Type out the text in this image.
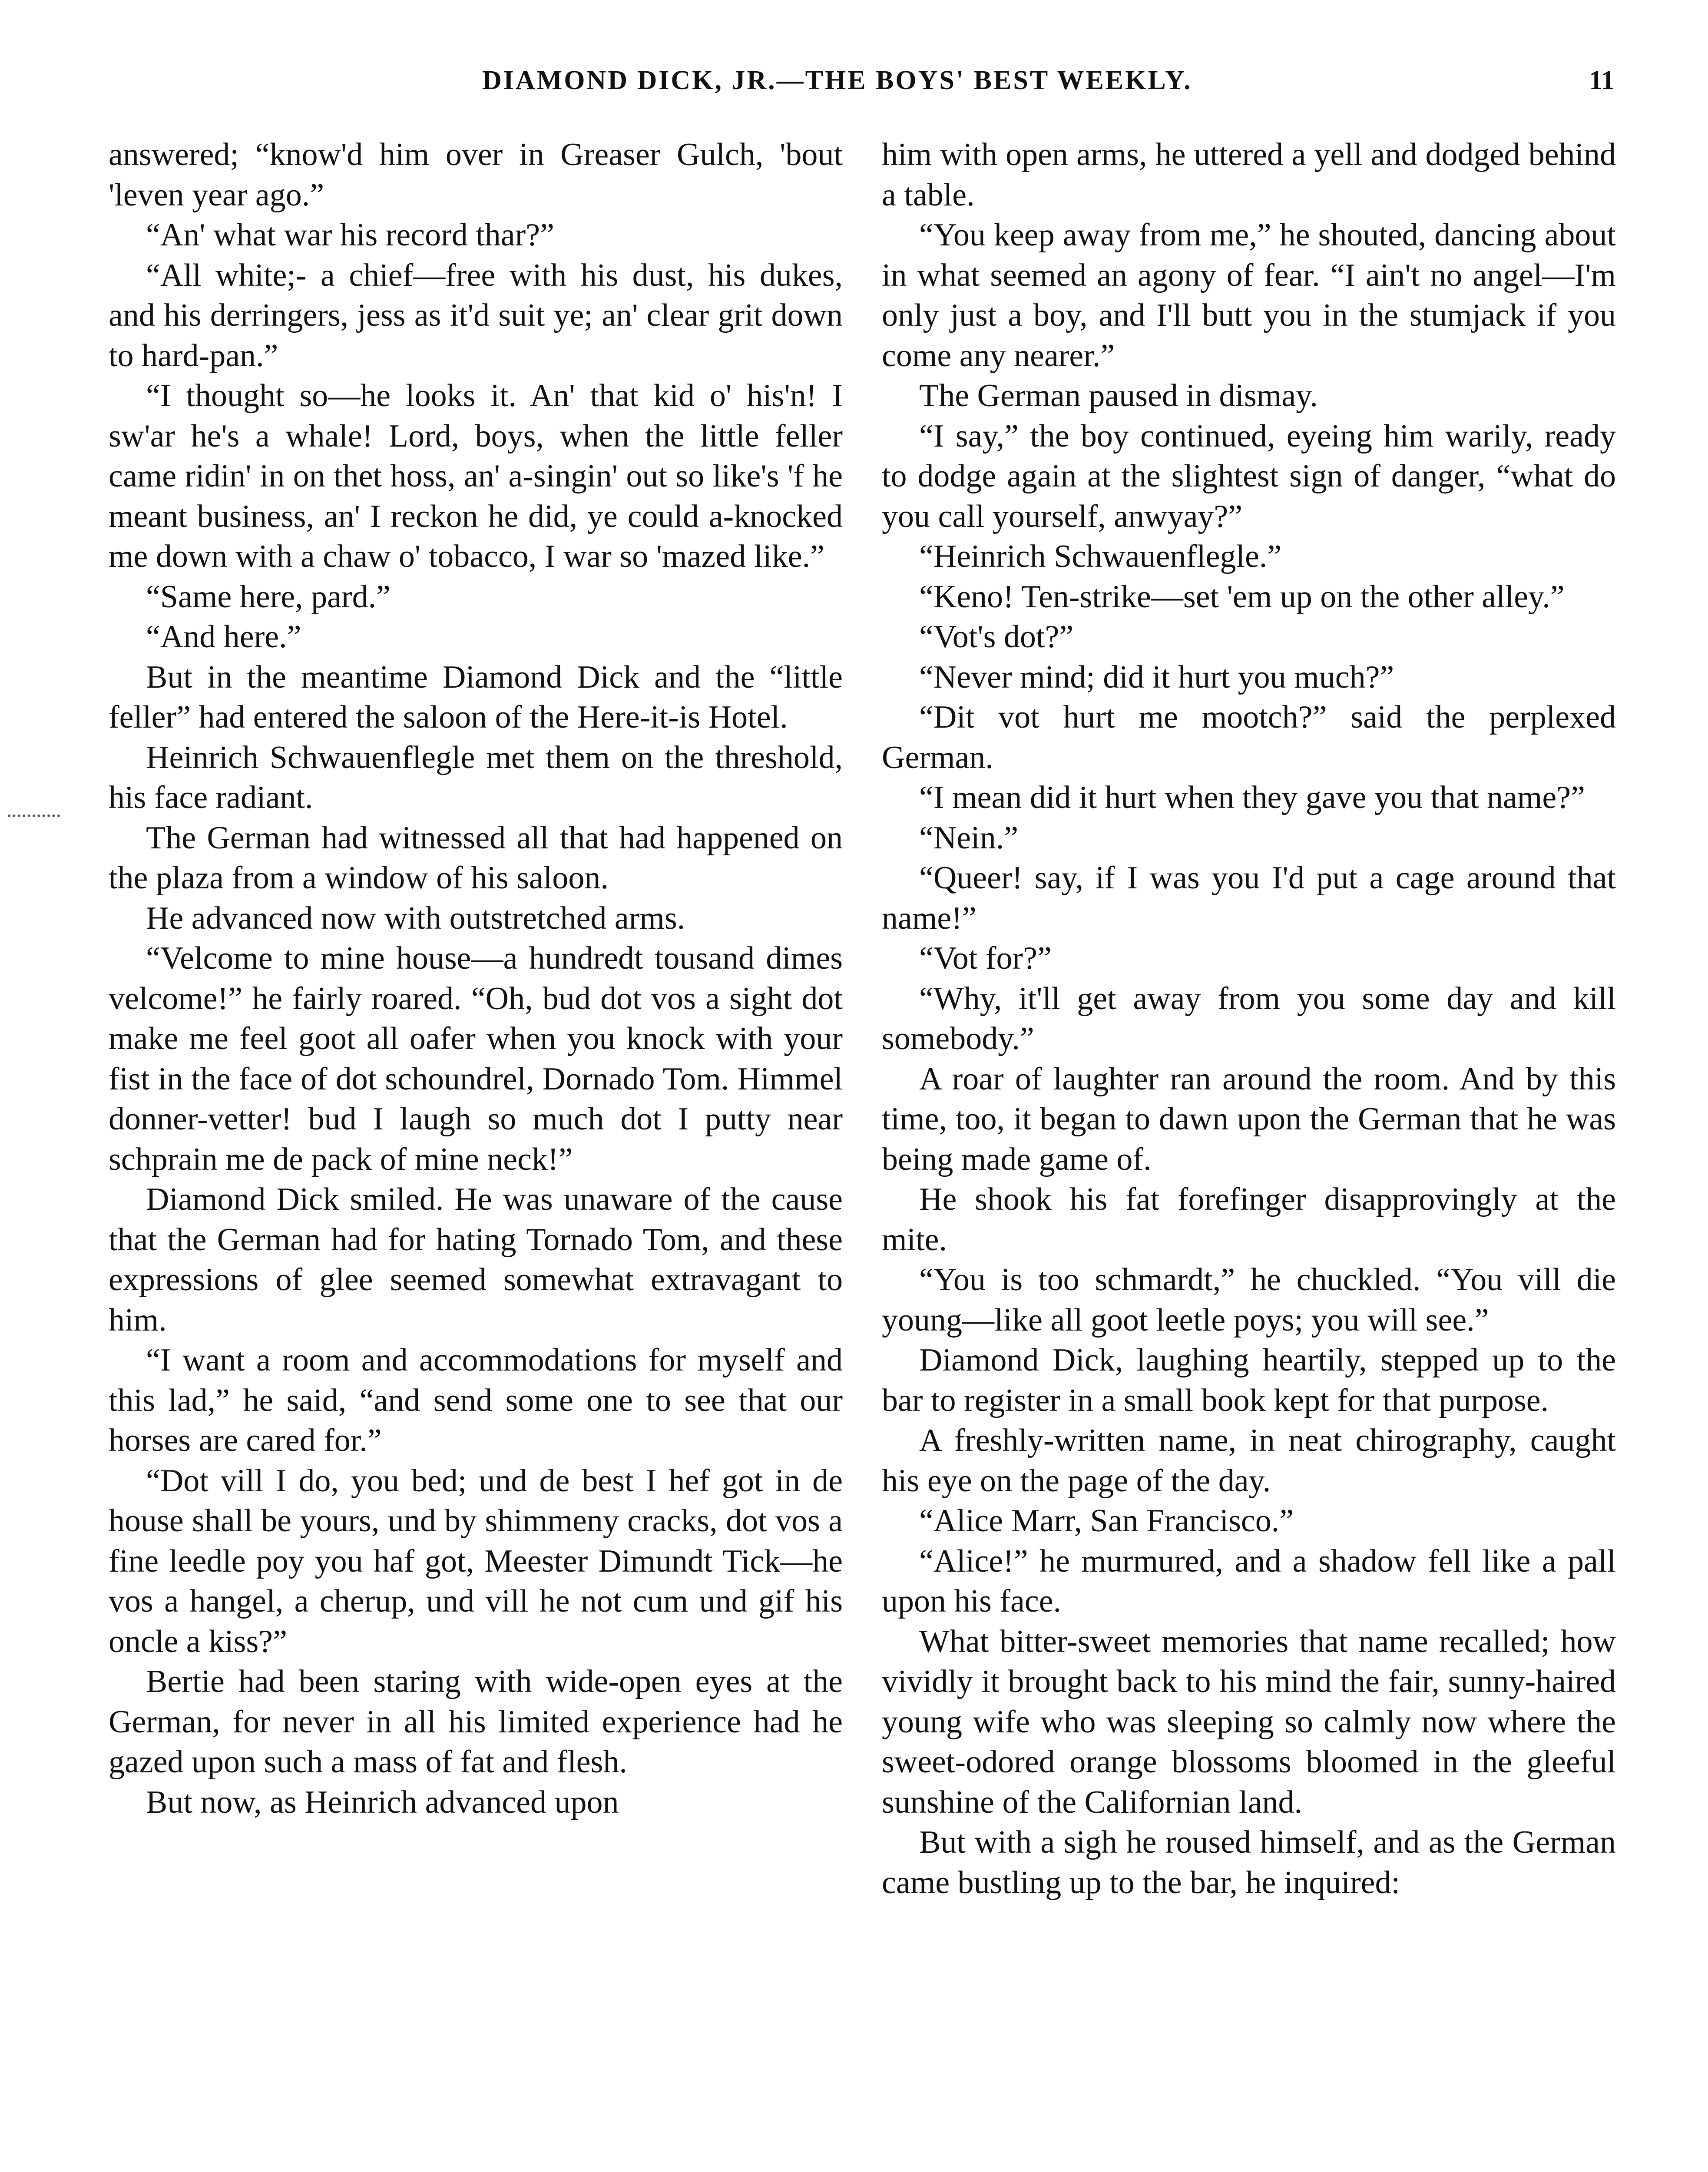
DIAMOND DICK, JR.—THE BOYS' BEST WEEKLY.	11

answered; “know'd him over in Greaser Gulch, 'bout 'leven year ago.”

“An' what war his record thar?”

“All white;- a chief—free with his dust, his dukes, and his derringers, jess as it'd suit ye; an' clear grit down to hard-pan.”

“I thought so—he looks it. An' that kid o' his'n! I sw'ar he's a whale! Lord, boys, when the little feller came ridin' in on thet hoss, an' a-singin' out so like's 'f he meant business, an' I reckon he did, ye could a-knocked me down with a chaw o' tobacco, I war so 'mazed like.”

“Same here, pard.”

“And here.”

But in the meantime Diamond Dick and the “little feller” had entered the saloon of the Here-it-is Hotel.

Heinrich Schwauenflegle met them on the threshold, his face radiant.

The German had witnessed all that had happened on the plaza from a window of his saloon.

He advanced now with outstretched arms.

“Velcome to mine house—a hundredt tousand dimes velcome!” he fairly roared. “Oh, bud dot vos a sight dot make me feel goot all oafer when you knock with your fist in the face of dot schoundrel, Dornado Tom. Himmel donner-vetter! bud I laugh so much dot I putty near schprain me de pack of mine neck!”

Diamond Dick smiled. He was unaware of the cause that the German had for hating Tornado Tom, and these expressions of glee seemed somewhat extravagant to him.

“I want a room and accommodations for myself and this lad,” he said, “and send some one to see that our horses are cared for.”

“Dot vill I do, you bed; und de best I hef got in de house shall be yours, und by shimmeny cracks, dot vos a fine leedle poy you haf got, Meester Dimundt Tick—he vos a hangel, a cherup, und vill he not cum und gif his oncle a kiss?”

Bertie had been staring with wide-open eyes at the German, for never in all his limited experience had he gazed upon such a mass of fat and flesh.

But now, as Heinrich advanced upon

him with open arms, he uttered a yell and dodged behind a table.

“You keep away from me,” he shouted, dancing about in what seemed an agony of fear. “I ain't no angel—I'm only just a boy, and I'll butt you in the stumjack if you come any nearer.”

The German paused in dismay.

“I say,” the boy continued, eyeing him warily, ready to dodge again at the slightest sign of danger, “what do you call yourself, anwyay?”

“Heinrich Schwauenflegle.”

“Keno! Ten-strike—set 'em up on the other alley.”

“Vot's dot?”

“Never mind; did it hurt you much?”

“Dit vot hurt me mootch?” said the perplexed German.

“I mean did it hurt when they gave you that name?”

“Nein.”

“Queer! say, if I was you I'd put a cage around that name!”

“Vot for?”

“Why, it'll get away from you some day and kill somebody.”

A roar of laughter ran around the room. And by this time, too, it began to dawn upon the German that he was being made game of.

He shook his fat forefinger disapprovingly at the mite.

“You is too schmardt,” he chuckled. “You vill die young—like all goot leetle poys; you will see.”

Diamond Dick, laughing heartily, stepped up to the bar to register in a small book kept for that purpose.

A freshly-written name, in neat chirography, caught his eye on the page of the day.

“Alice Marr, San Francisco.”

“Alice!” he murmured, and a shadow fell like a pall upon his face.

What bitter-sweet memories that name recalled; how vividly it brought back to his mind the fair, sunny-haired young wife who was sleeping so calmly now where the sweet-odored orange blossoms bloomed in the gleeful sunshine of the Californian land.

But with a sigh he roused himself, and as the German came bustling up to the bar, he inquired:
